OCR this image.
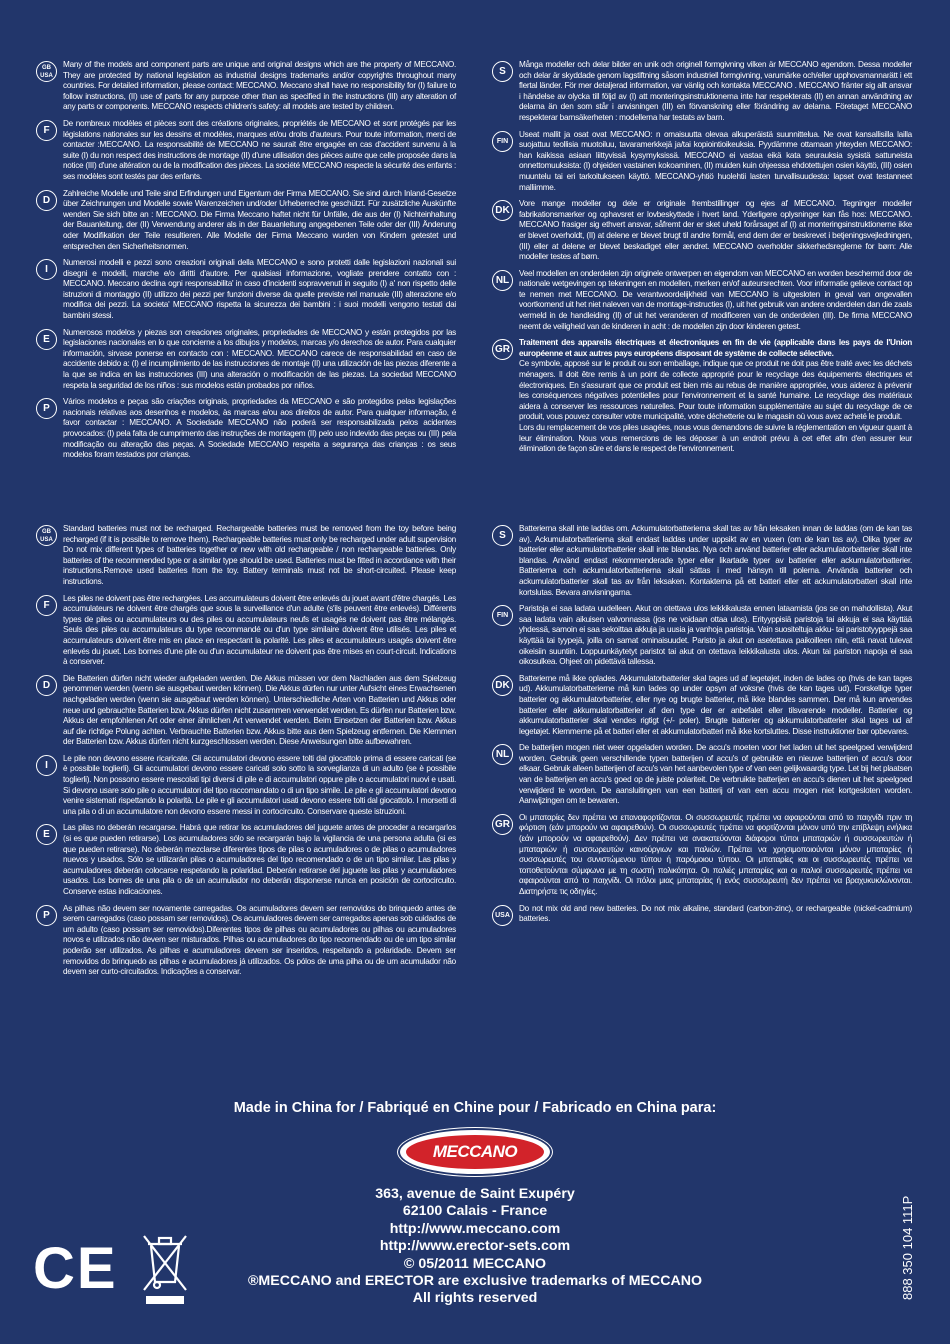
GB
USA

Many of the models and component parts are unique and original designs which are the property of MECCANO. They are protected by national legislation as industrial designs trademarks and/or copyrights throughout many countries. For detailed information, please contact: MECCANO. Meccano shall have no responsibility for (I) failure to follow instructions, (II) use of parts for any purpose other than as specified in the instructions (III) any alteration of any parts or components. MECCANO respects children's safety: all models are tested by children.

F

De nombreux modèles et pièces sont des créations originales, propriétés de MECCANO et sont protégés par les législations nationales sur les dessins et modèles, marques et/ou droits d'auteurs. Pour toute information, merci de contacter :MECCANO. La responsabilité de MECCANO ne saurait être engagée en cas d'accident survenu à la suite (I) du non respect des instructions de montage (II) d'une utilisation des pièces autre que celle proposée dans la notice (III) d'une altération ou de la modification des pièces. La société MECCANO respecte la sécurité des enfants : ses modèles sont testés par des enfants.

D

Zahlreiche Modelle und Teile sind Erfindungen und Eigentum der Firma MECCANO. Sie sind durch Inland-Gesetze über Zeichnungen und Modelle sowie Warenzeichen und/oder Urheberrechte geschützt. Für zusätzliche Auskünfte wenden Sie sich bitte an : MECCANO. Die Firma Meccano haftet nicht für Unfälle, die aus der (I) Nichteinhaltung der Bauanleitung, der (II) Verwendung anderer als in der Bauanleitung angegebenen Teile oder der (III) Änderung oder Modifikation der Teile resultieren. Alle Modelle der Firma Meccano wurden von Kindern getestet und entsprechen den Sicherheitsnormen.

I

Numerosi modelli e pezzi sono creazioni originali della MECCANO e sono protetti dalle legislazioni nazionali sui disegni e modelli, marche e/o diritti d'autore. Per qualsiasi informazione, vogliate prendere contatto con : MECCANO. Meccano declina ogni responsabilita' in caso d'incidenti sopravvenuti in seguito (I) a' non rispetto delle istruzioni di montaggio (II) utilizzo dei pezzi per funzioni diverse da quelle previste nel manuale (III) alterazione e/o modifica dei pezzi. La societa' MECCANO rispetta la sicurezza dei bambini : i suoi modelli vengono testati dai bambini stessi.

E

Numerosos modelos y piezas son creaciones originales, propriedades de MECCANO y están protegidos por las legislaciones nacionales en lo que concierne a los dibujos y modelos, marcas y/o derechos de autor. Para cualquier información, sirvase ponerse en contacto con : MECCANO. MECCANO carece de responsabilidad en caso de accidente debido a: (I) el incumplimiento de las instrucciones de montaje (II) una utilización de las piezas diferente a la que se indica en las instrucciones (III) una alteración o modificación de las piezas. La sociedad MECCANO respeta la seguridad de los niños : sus modelos están probados por niños.

P

Vários modelos e peças são criações originais, propriedades da MECCANO e são protegidos pelas legislações nacionais relativas aos desenhos e modelos, às marcas e/ou aos direitos de autor. Para qualquer informação, é favor contactar : MECCANO. A Sociedade MECCANO não poderá ser responsabilizada pelos acidentes provocados: (I) pela falta de cumprimento das instruções de montagem (II) pelo uso indevido das peças ou (III) pela modificação ou alteração das peças. A Sociedade MECCANO respeita a segurança das crianças : os seus modelos foram testados por crianças.

S

Många modeller och delar bilder en unik och originell formgivning vilken är MECCANO egendom. Dessa modeller och delar är skyddade genom lagstiftning såsom industriell formgivning, varumärke och/eller upphovsmannarätt i ett flertal länder. För mer detaljerad information, var vänlig och kontakta MECCANO . MECCANO fränter sig allt ansvar i händelse av olycka till följd av (I) att monteringsinstruktionerna inte har respekterats (II) en annan användning av delarna än den som står i anvisningen (III) en förvanskning eller förändring av delarna. Företaget MECCANO respekterar barnsäkerheten : modellerna har testats av barn.

FIN

Useat mallit ja osat ovat MECCANO: n omaisuutta olevaa alkuperäistä suunnittelua. Ne ovat kansallisilla lailla suojattuu teollisia muotoiluu, tavaramerkkejä ja/tai kopiointioikeuksia. Pyydämme ottamaan yhteyden MECCANO: han kaikissa asiaan liittyvissä kysymyksissä. MECCANO ei vastaa eikä kata seurauksia sysistä sattuneista onnettomuuksista: (I) ohjeiden vastainen kokoaminen, (II) muiden kuin ohjeessa ehdotettujen osien käyttö, (III) osien muuntelu tai eri tarkoitukseen käyttö. MECCANO-yhtiö huolehtii lasten turvallisuudesta: lapset ovat testanneet malliimme.

DK

Vore mange modeller og dele er originale frembstillinger og ejes af MECCANO. Tegninger modeller fabrikationsmærker og ophavsret er lovbeskyttede i hvert land. Yderligere oplysninger kan fås hos: MECCANO. MECCANO frasiger sig ethvert ansvar, såfremt der er sket uheld forårsaget af (I) at monteringsinstruktionerne ikke er blevet overholdt, (II) at delene er blevet brugt til andre formål, end dem der er beskrevet i betjeningsvejledningen, (III) eller at delene er blevet beskadiget eller ændret. MECCANO overholder sikkerhedsreglerne for børn: Alle modeller testes af børn.

NL

Veel modellen en onderdelen zijn originele ontwerpen en eigendom van MECCANO en worden beschermd door de nationale wetgevingen op tekeningen en modellen, merken en/of auteursrechten. Voor informatie gelieve contact op te nemen met MECCANO. De verantwoordelijkheid van MECCANO is uitgesloten in geval van ongevallen voortkomend uit het niet naleven van de montage-instructies (I), uit het gebruik van andere onderdelen dan die zaals vermeld in de handleiding (II) of uit het veranderen of modificeren van de onderdelen (III). De firma MECCANO neemt de veiligheid van de kinderen in acht : de modellen zijn door kinderen getest.

GR

Traitement des appareils électriques et électroniques en fin de vie (applicable dans les pays de l'Union européenne et aux autres pays européens disposant de système de collecte sélective.

Ce symbole, apposé sur le produit ou son emballage, indique que ce produit ne doit pas être traité avec les déchets ménagers. Il doit être remis à un point de collecte approprié pour le recyclage des équipements électriques et électroniques. En s'assurant que ce produit est bien mis au rebus de manière appropriée, vous aiderez à prévenir les conséquences négatives potentielles pour l'environnement et la santé humaine. Le recyclage des matériaux aidera à conserver les ressources naturelles. Pour toute information supplémentaire au sujet du recyclage de ce produit, vous pouvez consulter votre municipalité, votre déchetterie ou le magasin où vous avez acheté le produit.
Lors du remplacement de vos piles usagées, nous vous demandons de suivre la réglementation en vigueur quant à leur élimination. Nous vous remercions de les déposer à un endroit prévu à cet effet afin d'en assurer leur élimination de façon sûre et dans le respect de l'environnement.

GB
USA

Standard batteries must not be recharged. Rechargeable batteries must be removed from the toy before being recharged (if it is possible to remove them). Rechargeable batteries must only be recharged under adult supervision Do not mix different types of batteries together or new with old rechargeable / non rechargeable batteries. Only batteries of the recommended type or a similar type should be used. Batteries must be fitted in accordance with their instructions.Remove used batteries from the toy. Battery terminals must not be short-circuited. Please keep instructions.

F

Les piles ne doivent pas être rechargées. Les accumulateurs doivent être enlevés du jouet avant d'être chargés. Les accumulateurs ne doivent être chargés que sous la surveillance d'un adulte (s'ils peuvent être enlevés). Différents types de piles ou accumulateurs ou des piles ou accumulateurs neufs et usagés ne doivent pas être mélangés. Seuls des piles ou accumulateurs du type recommandé ou d'un type similaire doivent être utilisés. Les piles et accumulateurs doivent être mis en place en respectant la polarité. Les piles et accumulateurs usagés doivent être enlevés du jouet. Les bornes d'une pile ou d'un accumulateur ne doivent pas être mises en court-circuit. Indications à conserver.

D

Die Batterien dürfen nicht wieder aufgeladen werden. Die Akkus müssen vor dem Nachladen aus dem Spielzeug genommen werden (wenn sie ausgebaut werden können). Die Akkus dürfen nur unter Aufsicht eines Erwachsenen nachgeladen werden (wenn sie ausgebaut werden können). Unterschiedliche Arten von Batterien und Akkus oder neue und gebrauchte Batterien bzw. Akkus dürfen nicht zusammen verwendet werden. Es dürfen nur Batterien bzw. Akkus der empfohlenen Art oder einer ähnlichen Art verwendet werden. Beim Einsetzen der Batterien bzw. Akkus auf die richtige Polung achten. Verbrauchte Batterien bzw. Akkus bitte aus dem Spielzeug entfernen. Die Klemmen der Batterien bzw. Akkus dürfen nicht kurzgeschlossen werden. Diese Anweisungen bitte aufbewahren.

I

Le pile non devono essere ricaricate. Gli accumulatori devono essere tolti dal giocattolo prima di essere caricati (se è possibile toglierli). Gli accumulatori devono essere caricati solo sotto la sorveglianza di un adulto (se è possibile toglierli). Non possono essere mescolati tipi diversi di pile e di accumulatori oppure pile o accumulatori nuovi e usati. Si devono usare solo pile o accumulatori del tipo raccomandato o di un tipo simile. Le pile e gli accumulatori devono venire sistemati rispettando la polarità. Le pile e gli accumulatori usati devono essere tolti dal giocattolo. I morsetti di una pila o di un accumulatore non devono essere messi in cortocircuito. Conservare queste istruzioni.

E

Las pilas no deberán recargarse. Habrá que retirar los acumuladores del juguete antes de proceder a recargarlos (si es que pueden retirarse). Los acumuladores sólo se recargarán bajo la vigilancia de una persona adulta (si es que pueden retirarse). No deberán mezclarse diferentes tipos de pilas o acumuladores o de pilas o acumuladores nuevos y usados. Sólo se utilizarán pilas o acumuladores del tipo recomendado o de un tipo similar. Las pilas y acumuladores deberán colocarse respetando la polaridad. Deberán retirarse del juguete las pilas y acumuladores usados. Los bornes de una pila o de un acumulador no deberán disponerse nunca en posición de cortocircuito. Conserve estas indicaciones.

P

As pilhas não devem ser novamente carregadas. Os acumuladores devem ser removidos do brinquedo antes de serem carregados (caso possam ser removidos). Os acumuladores devem ser carregados apenas sob cuidados de um adulto (caso possam ser removidos).Diferentes tipos de pilhas ou acumuladores ou pilhas ou acumuladores novos e utilizados não devem ser misturados. Pilhas ou acumuladores do tipo recomendado ou de um tipo similar poderão ser utilizados. As pilhas e acumuladores devem ser inseridos, respeitando a polaridade. Devem ser removidos do brinquedo as pilhas e acumuladores já utilizados. Os pólos de uma pilha ou de um acumulador não devem ser curto-circuitados. Indicações a conservar.

S

Batterierna skall inte laddas om. Ackumulatorbatterierna skall tas av från leksaken innan de laddas (om de kan tas av). Ackumulatorbatterierna skall endast laddas under uppsikt av en vuxen (om de kan tas av). Olika typer av batterier eller ackumulatorbatterier skall inte blandas. Nya och använd batterier eller ackumulatorbatterier skall inte blandas. Använd endast rekommenderade typer eller likartade typer av batterier eller ackumulatorbatterier. Batterierna och ackumulatorbatterierna skall sättas i med hänsyn till polerna. Använda batterier och ackumulatorbatterier skall tas av från leksaken. Kontakterna på ett batteri eller ett ackumulatorbatteri skall inte kortslutas. Bevara anvisningarna.

FIN

Paristoja ei saa ladata uudelleen. Akut on otettava ulos leikkikalusta ennen lataamista (jos se on mahdollista). Akut saa ladata vain aikuisen valvonnassa (jos ne voidaan ottaa ulos). Erityyppisiä paristoja tai akkuja ei saa käyttää yhdessä, samoin ei saa sekoittaa akkuja ja uusia ja vanhoja paristoja. Vain suositeltuja akku- tai paristotyyppejä saa käyttää tai tyypejä, joilla on samat ominaisuudet. Paristo ja akut on asetettava paikoilleen niin, että navat tulevat oikeisiin suuntiin. Loppuunkäytetyt paristot tai akut on otettava leikkikalusta ulos. Akun tai pariston napoja ei saa oikosulkea. Ohjeet on pidettävä tallessa.

DK

Batterierne må ikke oplades. Akkumulatorbatterier skal tages ud af legetøjet, inden de lades op (hvis de kan tages ud). Akkumulatorbatterierne må kun lades op under opsyn af voksne (hvis de kan tages ud). Forskellige typer batterier og akkumulatorbatterier, eller nye og brugte batterier, må ikke blandes sammen. Der må kun anvendes batterier eller akkumulatorbatterier af den type der er anbefalet eller tilsvarende modeller. Batterier og akkumulatorbatterier skal vendes rigtigt (+/- poler). Brugte batterier og akkumulatorbatterier skal tages ud af legetøjet. Klemmerne på et batteri eller et akkumulatorbatteri må ikke kortsluttes. Disse instruktioner bør opbevares.

NL

De batterijen mogen niet weer opgeladen worden. De accu's moeten voor het laden uit het speelgoed verwijderd worden. Gebruik geen verschillende typen batterijen of accu's of gebruikte en nieuwe batterijen of accu's door elkaar. Gebruik alleen batterijen of accu's van het aanbevolen type of van een gelijkwaardig type. Let bij het plaatsen van de batterijen en accu's goed op de juiste polariteit. De verbruikte batterijen en accu's dienen uit het speelgoed verwijderd te worden. De aansluitingen van een batterij of van een accu mogen niet kortgesloten worden. Aanwijzingen om te bewaren.

GR

Οι μπαταρίες δεν πρέπει να επαναφορτίζονται. Οι συσσωρευτές πρέπει να αφαιρούνται από το παιχνίδι πριν τη φόρτιση (εάν μπορούν να αφαιρεθούν). Οι συσσωρευτές πρέπει να φορτίζονται μόνον υπό την επίβλεψη ενήλικα (εάν μπορούν να αφαιρεθούν). Δεν πρέπει να ανακατεύονται διάφοροι τύποι μπαταριών ή συσσωρευτών ή μπαταριών ή συσσωρευτών καινούργιων και παλιών. Πρέπει να χρησιμοποιούνται μόνον μπαταρίες ή συσσωρευτές του συνιστώμενου τύπου ή παρόμοιου τύπου. Οι μπαταρίες και οι συσσωρευτές πρέπει να τοποθετούνται σύμφωνα με τη σωστή πολικότητα. Οι παλιές μπαταρίες και οι παλιοί συσσωρευτές πρέπει να αφαιρούνται από το παιχνίδι. Οι πόλοι μιας μπαταρίας ή ενός συσσωρευτή δεν πρέπει να βραχυκυκλώνονται. Διατηρήστε τις οδηγίες.

USA

Do not mix old and new batteries. Do not mix alkaline, standard (carbon-zinc), or rechargeable (nickel-cadmium) batteries.

Made in China for / Fabriqué en Chine pour / Fabricado en China para:
MECCANO
363, avenue de Saint Exupéry
62100 Calais - France
http://www.meccano.com
http://www.erector-sets.com
© 05/2011 MECCANO
®MECCANO and ERECTOR are exclusive trademarks of MECCANO
All rights reserved
CE	888 350 104 111P
